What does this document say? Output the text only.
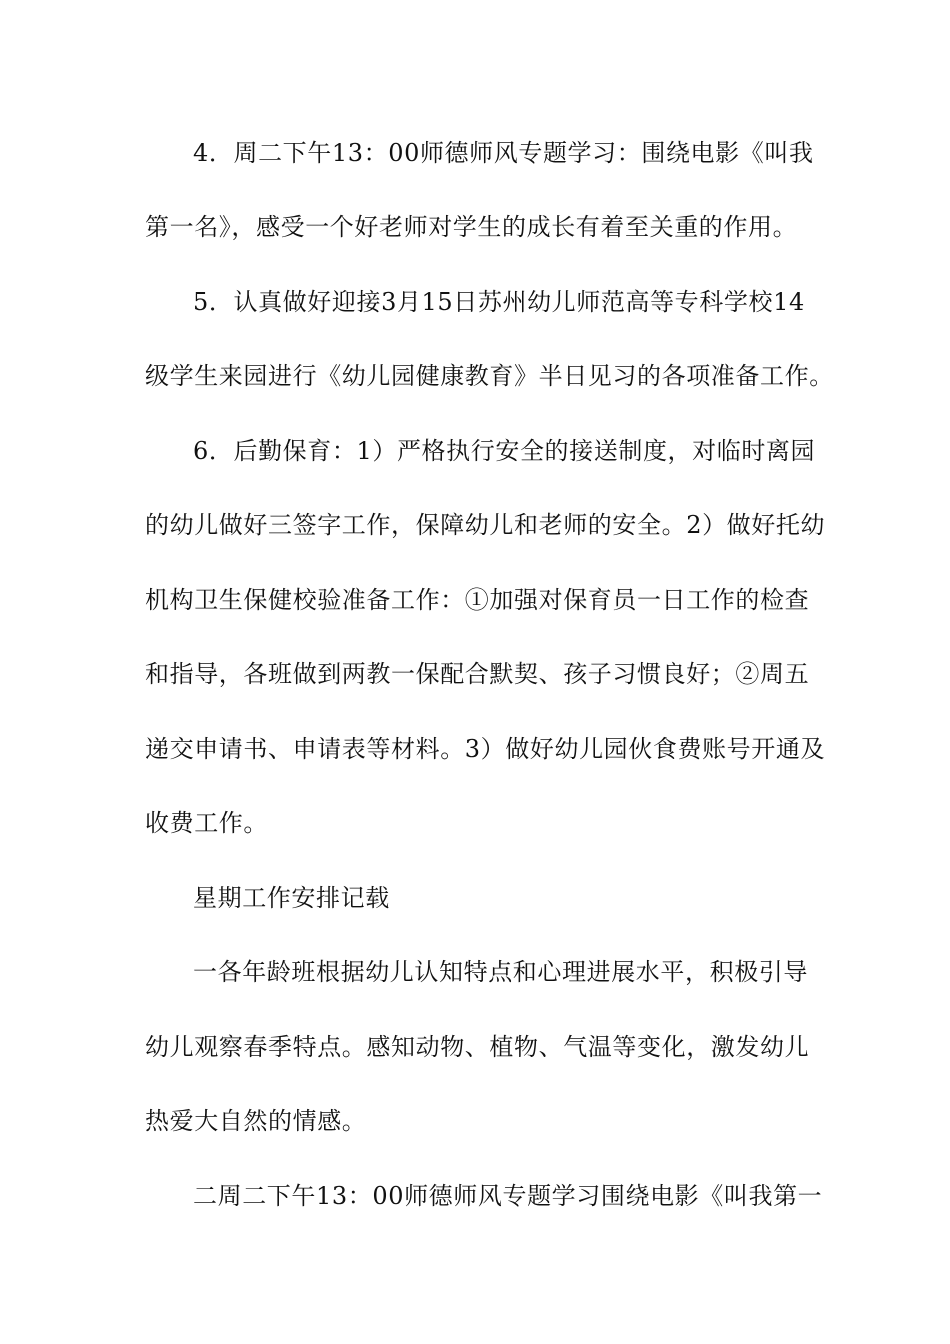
4．周二下午13：00师德师风专题学习：围绕电影《叫我
第一名》，感受一个好老师对学生的成长有着至关重的作用。
5．认真做好迎接3月15日苏州幼儿师范高等专科学校14
级学生来园进行《幼儿园健康教育》半日见习的各项准备工作。
6．后勤保育：1）严格执行安全的接送制度，对临时离园
的幼儿做好三签字工作，保障幼儿和老师的安全。2）做好托幼
机构卫生保健校验准备工作：①加强对保育员一日工作的检查
和指导，各班做到两教一保配合默契、孩子习惯良好；②周五
递交申请书、申请表等材料。3）做好幼儿园伙食费账号开通及
收费工作。
星期工作安排记载
一各年龄班根据幼儿认知特点和心理进展水平，积极引导
幼儿观察春季特点。感知动物、植物、气温等变化，激发幼儿
热爱大自然的情感。
二周二下午13：00师德师风专题学习围绕电影《叫我第一
